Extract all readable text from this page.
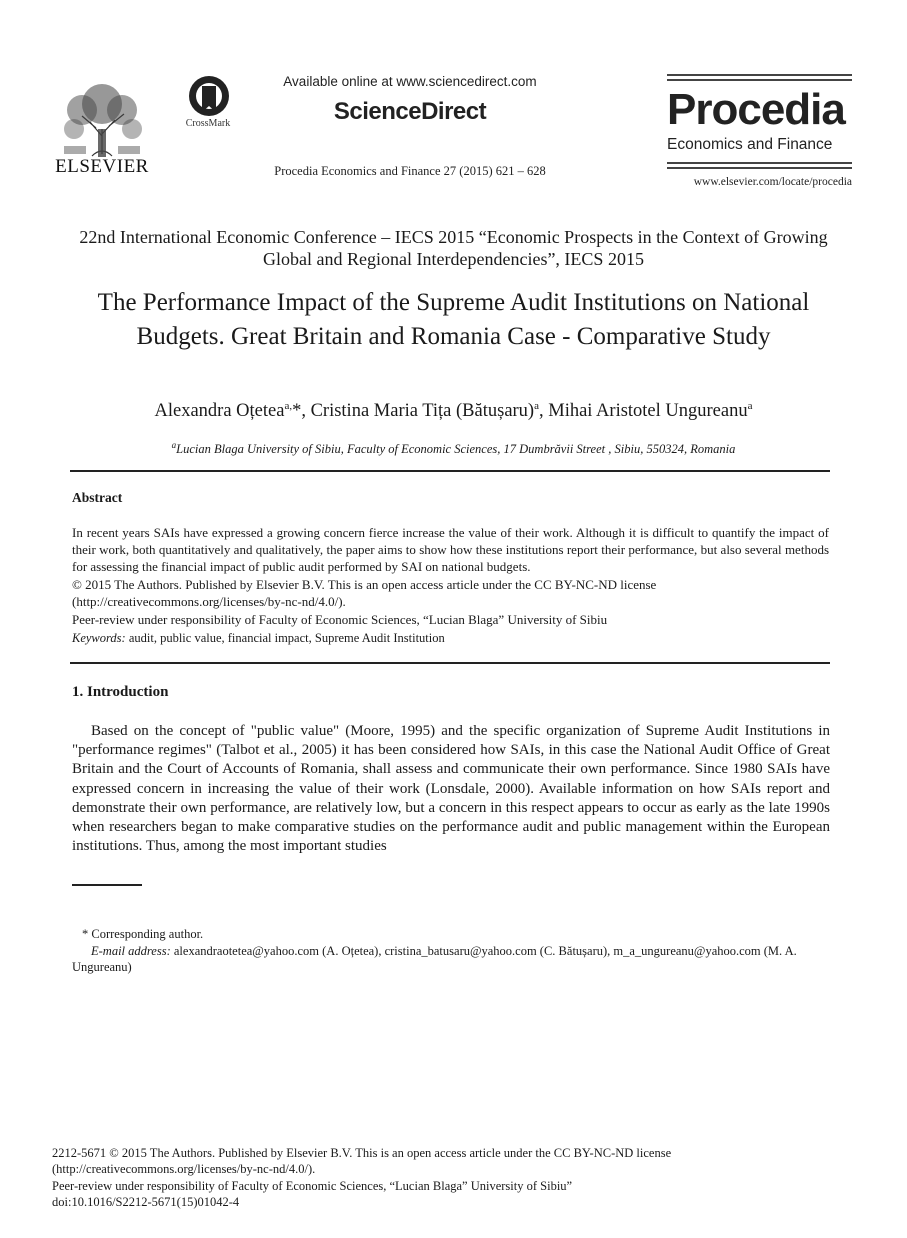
ELSEVIER
CrossMark
Available online at www.sciencedirect.com
ScienceDirect
Procedia Economics and Finance 27 (2015) 621 – 628
Procedia
Economics and Finance
www.elsevier.com/locate/procedia
22nd International Economic Conference – IECS 2015 “Economic Prospects in the Context of Growing Global and Regional Interdependencies”, IECS 2015
The Performance Impact of the Supreme Audit Institutions on National Budgets. Great Britain and Romania Case - Comparative Study
Alexandra Oțetea$^{a,}$*, Cristina Maria Tița (Bătușaru)$^a$, Mihai Aristotel Ungureanu$^a$
$^a$Lucian Blaga University of Sibiu, Faculty of Economic Sciences, 17 Dumbrăvii Street , Sibiu, 550324, Romania
Abstract
In recent years SAIs have expressed a growing concern fierce increase the value of their work. Although it is difficult to quantify the impact of their work, both quantitatively and qualitatively, the paper aims to show how these institutions report their performance, but also several methods for assessing the financial impact of public audit performed by SAI on national budgets.
© 2015 The Authors. Published by Elsevier B.V. This is an open access article under the CC BY-NC-ND license
(http://creativecommons.org/licenses/by-nc-nd/4.0/).
Peer-review under responsibility of Faculty of Economic Sciences, “Lucian Blaga” University of Sibiu
Keywords: audit, public value, financial impact, Supreme Audit Institution
1. Introduction
Based on the concept of "public value" (Moore, 1995) and the specific organization of Supreme Audit Institutions in "performance regimes" (Talbot et al., 2005) it has been considered how SAIs, in this case the National Audit Office of Great Britain and the Court of Accounts of Romania, shall assess and communicate their own performance. Since 1980 SAIs have expressed concern in increasing the value of their work (Lonsdale, 2000). Available information on how SAIs report and demonstrate their own performance, are relatively low, but a concern in this respect appears to occur as early as the late 1990s when researchers began to make comparative studies on the performance audit and public management within the European institutions. Thus, among the most important studies
* Corresponding author.
E-mail address: alexandraotetea@yahoo.com (A. Oțetea), cristina_batusaru@yahoo.com (C. Bătușaru), m_a_ungureanu@yahoo.com (M. A. Ungureanu)
2212-5671 © 2015 The Authors. Published by Elsevier B.V. This is an open access article under the CC BY-NC-ND license
(http://creativecommons.org/licenses/by-nc-nd/4.0/).
Peer-review under responsibility of Faculty of Economic Sciences, “Lucian Blaga” University of Sibiu”
doi:10.1016/S2212-5671(15)01042-4
